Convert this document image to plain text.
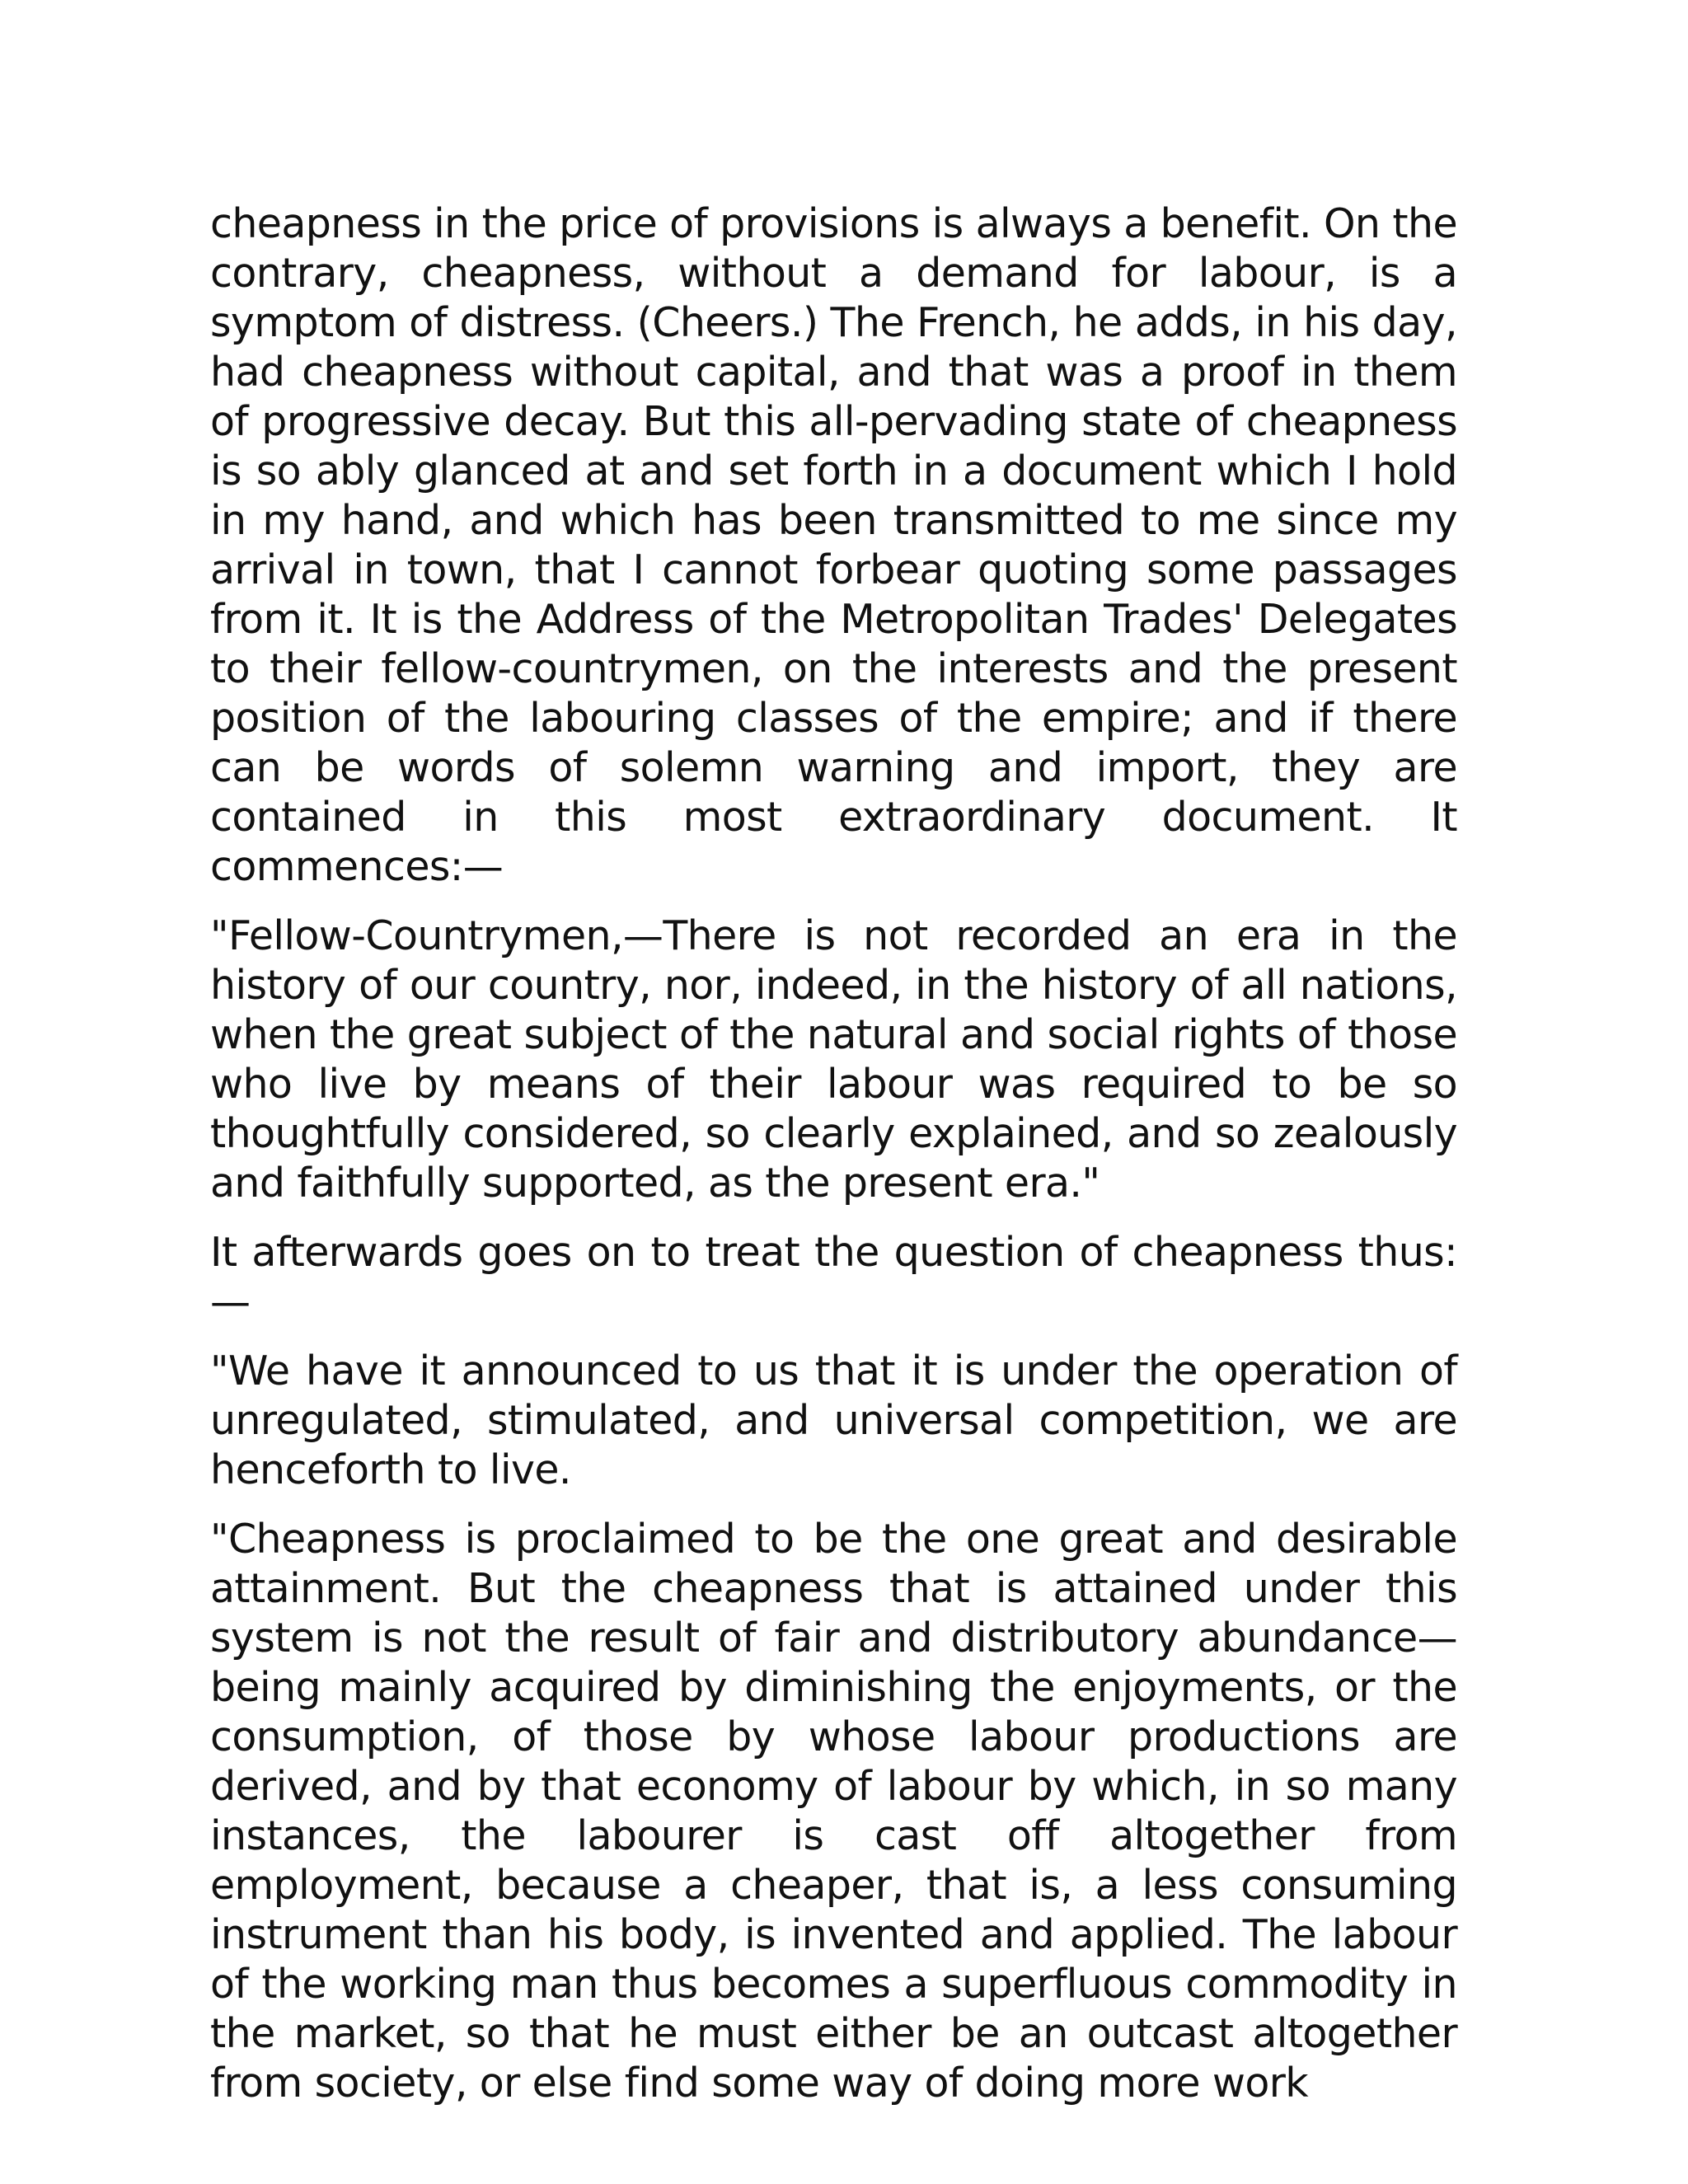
cheapness in the price of provisions is always a benefit. On the contrary, cheapness, without a demand for labour, is a symptom of distress. (Cheers.) The French, he adds, in his day, had cheapness without capital, and that was a proof in them of progressive decay. But this all-pervading state of cheapness is so ably glanced at and set forth in a document which I hold in my hand, and which has been transmitted to me since my arrival in town, that I cannot forbear quoting some passages from it. It is the Address of the Metropolitan Trades' Delegates to their fellow-countrymen, on the interests and the present position of the labouring classes of the empire; and if there can be words of solemn warning and import, they are contained in this most extraordinary document. It commences:—

"Fellow-Countrymen,—There is not recorded an era in the history of our country, nor, indeed, in the history of all nations, when the great subject of the natural and social rights of those who live by means of their labour was required to be so thoughtfully considered, so clearly explained, and so zealously and faithfully supported, as the present era."

It afterwards goes on to treat the question of cheapness thus:—

"We have it announced to us that it is under the operation of unregulated, stimulated, and universal competition, we are henceforth to live.

"Cheapness is proclaimed to be the one great and desirable attainment. But the cheapness that is attained under this system is not the result of fair and distributory abundance—being mainly acquired by diminishing the enjoyments, or the consumption, of those by whose labour productions are derived, and by that economy of labour by which, in so many instances, the labourer is cast off altogether from employment, because a cheaper, that is, a less consuming instrument than his body, is invented and applied. The labour of the working man thus becomes a superfluous commodity in the market, so that he must either be an outcast altogether from society, or else find some way of doing more work
